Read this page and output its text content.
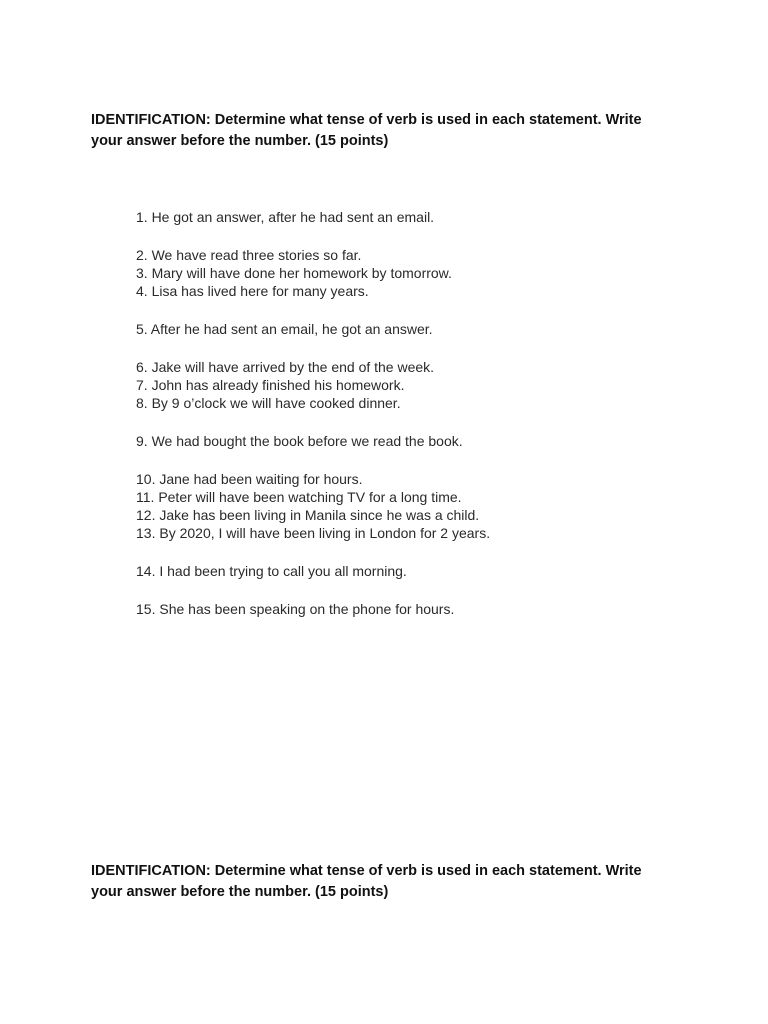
IDENTIFICATION: Determine what tense of verb is used in each statement. Write
your answer before the number. (15 points)

1. He got an answer, after he had sent an email.
2. We have read three stories so far.
3. Mary will have done her homework by tomorrow.
4. Lisa has lived here for many years.
5. After he had sent an email, he got an answer.
6. Jake will have arrived by the end of the week.
7. John has already finished his homework.
8. By 9 o’clock we will have cooked dinner.
9. We had bought the book before we read the book.
10. Jane had been waiting for hours.
11. Peter will have been watching TV for a long time.
12. Jake has been living in Manila since he was a child.
13. By 2020, I will have been living in London for 2 years.
14. I had been trying to call you all morning.
15. She has been speaking on the phone for hours.

IDENTIFICATION: Determine what tense of verb is used in each statement. Write
your answer before the number. (15 points)
